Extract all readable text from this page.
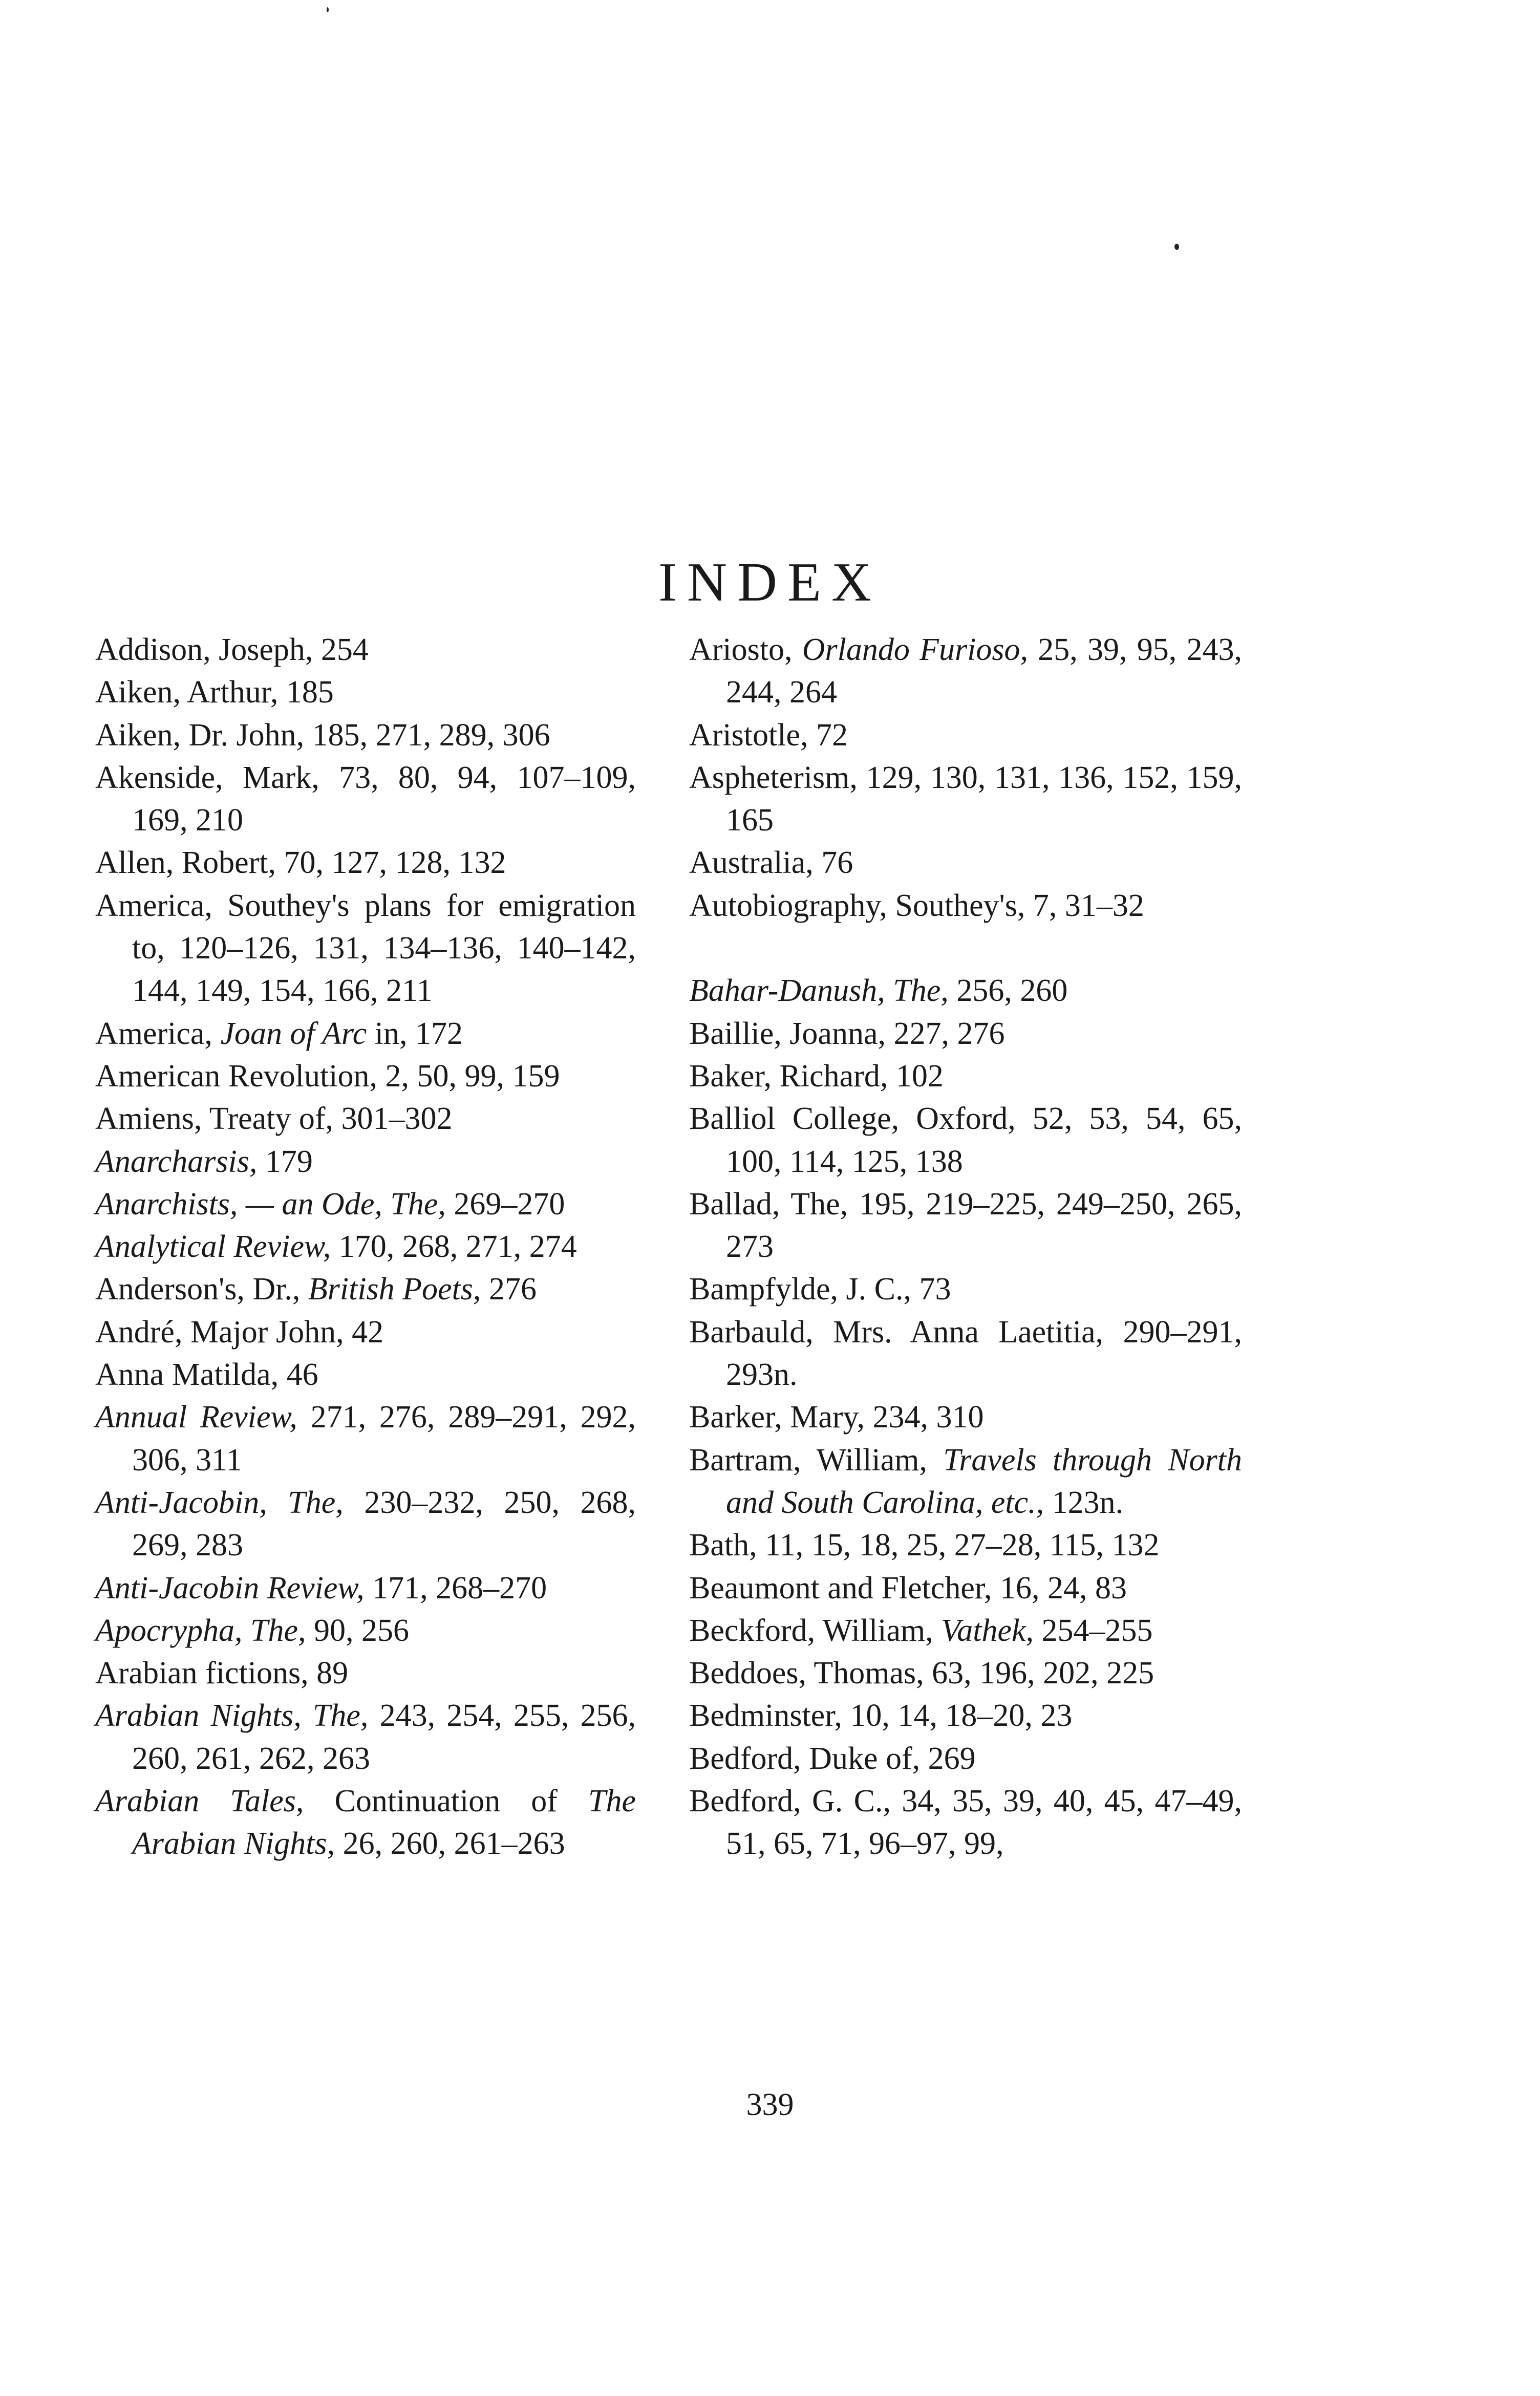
INDEX
Addison, Joseph, 254
Aiken, Arthur, 185
Aiken, Dr. John, 185, 271, 289, 306
Akenside, Mark, 73, 80, 94, 107–109, 169, 210
Allen, Robert, 70, 127, 128, 132
America, Southey's plans for emigration to, 120–126, 131, 134–136, 140–142, 144, 149, 154, 166, 211
America, Joan of Arc in, 172
American Revolution, 2, 50, 99, 159
Amiens, Treaty of, 301–302
Anarcharsis, 179
Anarchists, — an Ode, The, 269–270
Analytical Review, 170, 268, 271, 274
Anderson's, Dr., British Poets, 276
André, Major John, 42
Anna Matilda, 46
Annual Review, 271, 276, 289–291, 292, 306, 311
Anti-Jacobin, The, 230–232, 250, 268, 269, 283
Anti-Jacobin Review, 171, 268–270
Apocrypha, The, 90, 256
Arabian fictions, 89
Arabian Nights, The, 243, 254, 255, 256, 260, 261, 262, 263
Arabian Tales, Continuation of The Arabian Nights, 26, 260, 261–263
Ariosto, Orlando Furioso, 25, 39, 95, 243, 244, 264
Aristotle, 72
Aspheterism, 129, 130, 131, 136, 152, 159, 165
Australia, 76
Autobiography, Southey's, 7, 31–32
Bahar-Danush, The, 256, 260
Baillie, Joanna, 227, 276
Baker, Richard, 102
Balliol College, Oxford, 52, 53, 54, 65, 100, 114, 125, 138
Ballad, The, 195, 219–225, 249–250, 265, 273
Bampfylde, J. C., 73
Barbauld, Mrs. Anna Laetitia, 290–291, 293n.
Barker, Mary, 234, 310
Bartram, William, Travels through North and South Carolina, etc., 123n.
Bath, 11, 15, 18, 25, 27–28, 115, 132
Beaumont and Fletcher, 16, 24, 83
Beckford, William, Vathek, 254–255
Beddoes, Thomas, 63, 196, 202, 225
Bedminster, 10, 14, 18–20, 23
Bedford, Duke of, 269
Bedford, G. C., 34, 35, 39, 40, 45, 47–49, 51, 65, 71, 96–97, 99,
339
